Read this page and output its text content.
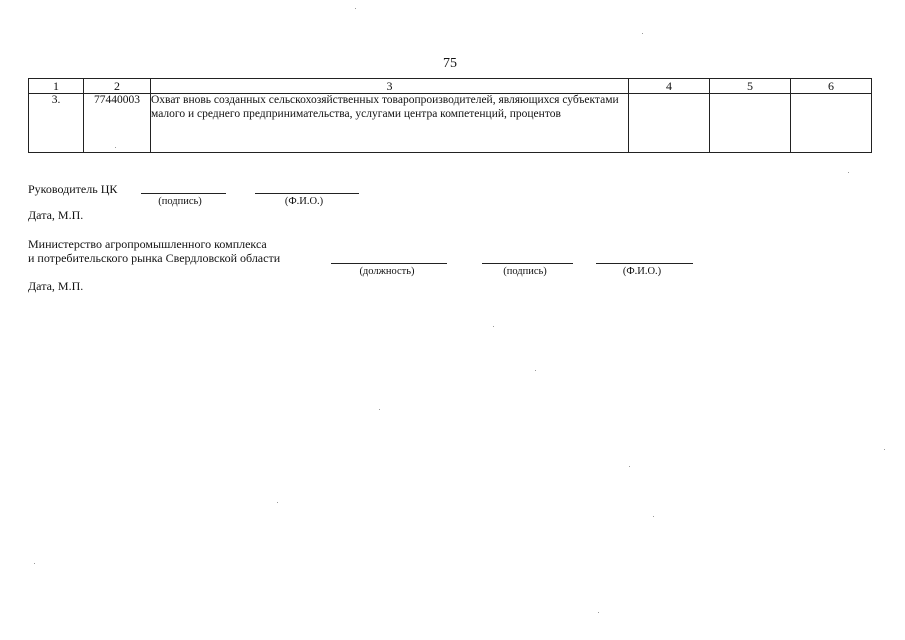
75
1	2	3	4	5	6
3.	77440003	Охват вновь созданных сельскохозяйственных товаропроизводителей, являющихся субъектами малого и среднего предпринимательства, услугами центра компетенций, процентов			
Руководитель ЦК
(подпись)	(Ф.И.О.)
Дата, М.П.
Министерство агропромышленного комплекса
и потребительского рынка Свердловской области
(должность)	(подпись)	(Ф.И.О.)
Дата, М.П.
